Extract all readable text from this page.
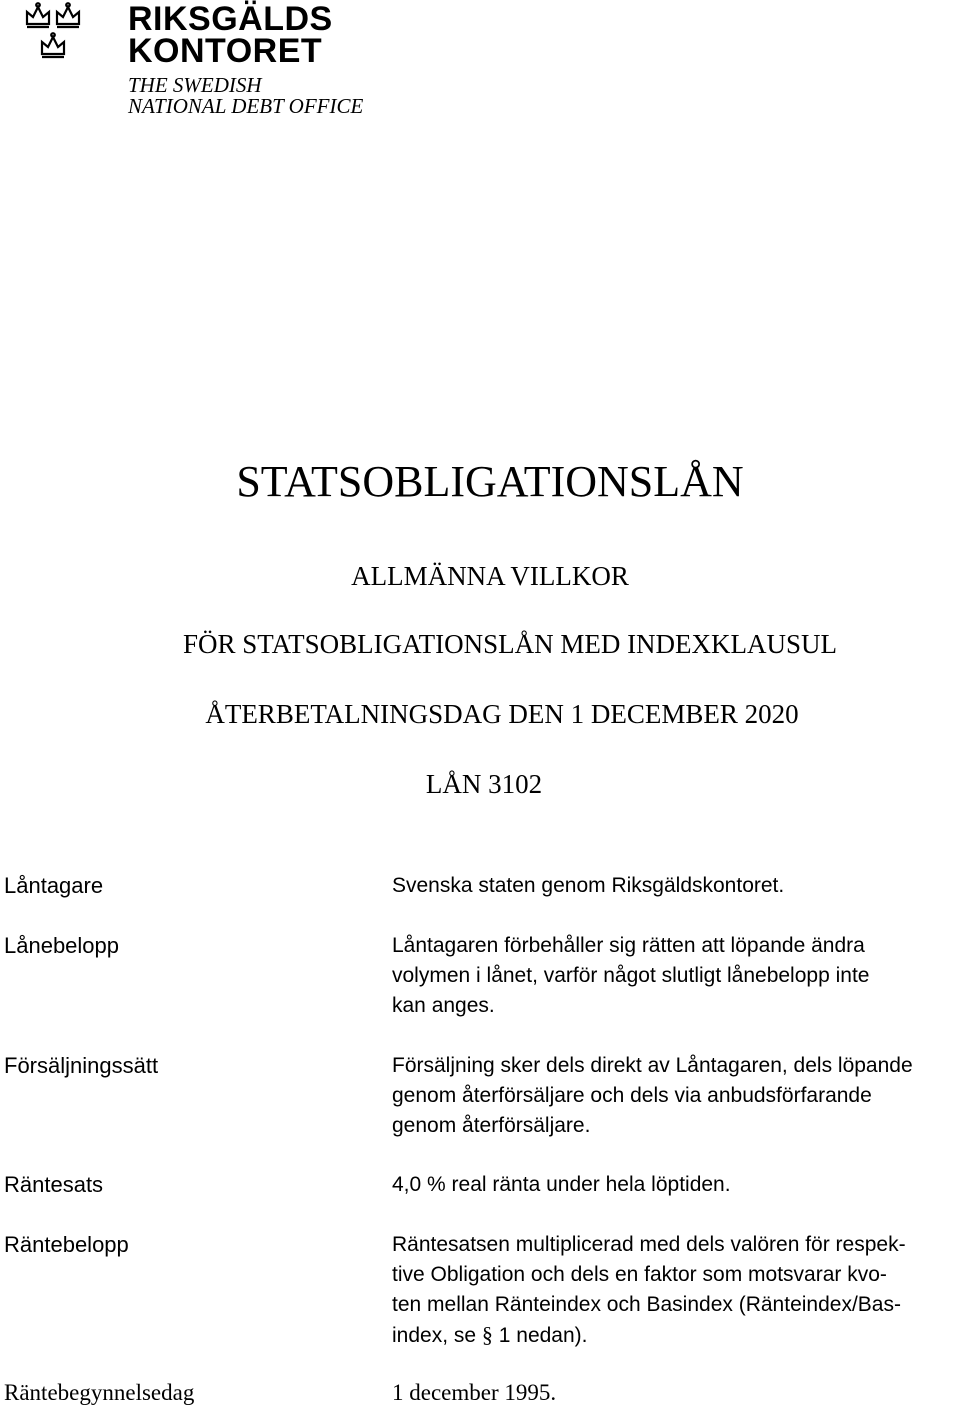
RIKSGÄLDS
KONTORET
THE SWEDISH
NATIONAL DEBT OFFICE
STATSOBLIGATIONSLÅN
ALLMÄNNA VILLKOR
FÖR STATSOBLIGATIONSLÅN MED INDEXKLAUSUL
ÅTERBETALNINGSDAG DEN 1 DECEMBER 2020
LÅN 3102
Låntagare	Svenska staten genom Riksgäldskontoret.
Lånebelopp	Låntagaren förbehåller sig rätten att löpande ändra
volymen i lånet, varför något slutligt lånebelopp inte
kan anges.
Försäljningssätt	Försäljning sker dels direkt av Låntagaren, dels löpande
genom återförsäljare och dels via anbudsförfarande
genom återförsäljare.
Räntesats	4,0 % real ränta under hela löptiden.
Räntebelopp	Räntesatsen multiplicerad med dels valören för respek-
tive Obligation och dels en faktor som motsvarar kvo-
ten mellan Ränteindex och Basindex (Ränteindex/Bas-
index, se § 1 nedan).
Räntebegynnelsedag	1 december 1995.
